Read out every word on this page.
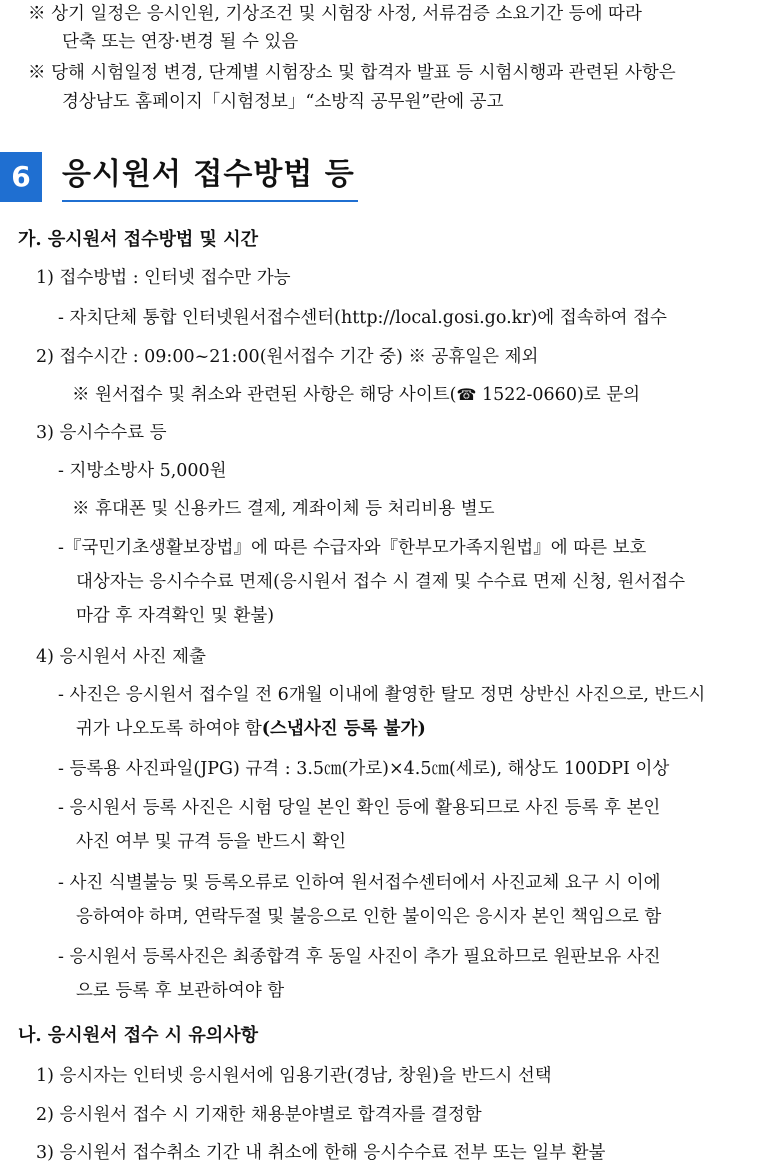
※ 상기 일정은 응시인원, 기상조건 및 시험장 사정, 서류검증 소요기간 등에 따라
단축 또는 연장·변경 될 수 있음
※ 당해 시험일정 변경, 단계별 시험장소 및 합격자 발표 등 시험시행과 관련된 사항은
경상남도 홈페이지「시험정보」“소방직 공무원”란에 공고
6	응시원서 접수방법 등
가. 응시원서 접수방법 및 시간
1) 접수방법 : 인터넷 접수만 가능
- 자치단체 통합 인터넷원서접수센터(http://local.gosi.go.kr)에 접속하여 접수
2) 접수시간 : 09:00~21:00(원서접수 기간 중) ※ 공휴일은 제외
※ 원서접수 및 취소와 관련된 사항은 해당 사이트(☎ 1522-0660)로 문의
3) 응시수수료 등
- 지방소방사 5,000원
※ 휴대폰 및 신용카드 결제, 계좌이체 등 처리비용 별도
-『국민기초생활보장법』에 따른 수급자와『한부모가족지원법』에 따른 보호
대상자는 응시수수료 면제(응시원서 접수 시 결제 및 수수료 면제 신청, 원서접수
마감 후 자격확인 및 환불)
4) 응시원서 사진 제출
- 사진은 응시원서 접수일 전 6개월 이내에 촬영한 탈모 정면 상반신 사진으로, 반드시
귀가 나오도록 하여야 함(스냅사진 등록 불가)
- 등록용 사진파일(JPG) 규격 : 3.5㎝(가로)×4.5㎝(세로), 해상도 100DPI 이상
- 응시원서 등록 사진은 시험 당일 본인 확인 등에 활용되므로 사진 등록 후 본인
사진 여부 및 규격 등을 반드시 확인
- 사진 식별불능 및 등록오류로 인하여 원서접수센터에서 사진교체 요구 시 이에
응하여야 하며, 연락두절 및 불응으로 인한 불이익은 응시자 본인 책임으로 함
- 응시원서 등록사진은 최종합격 후 동일 사진이 추가 필요하므로 원판보유 사진
으로 등록 후 보관하여야 함
나. 응시원서 접수 시 유의사항
1) 응시자는 인터넷 응시원서에 임용기관(경남, 창원)을 반드시 선택
2) 응시원서 접수 시 기재한 채용분야별로 합격자를 결정함
3) 응시원서 접수취소 기간 내 취소에 한해 응시수수료 전부 또는 일부 환불
